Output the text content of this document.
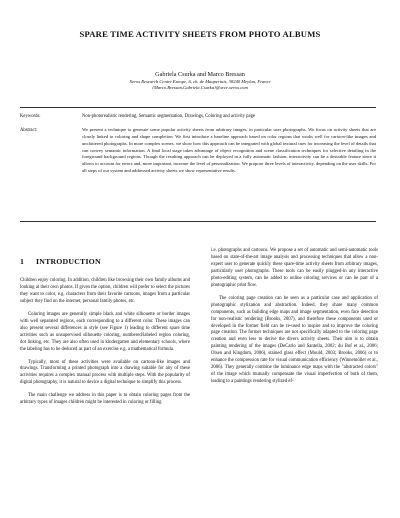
SPARE TIME ACTIVITY SHEETS FROM PHOTO ALBUMS
Gabriela Csurka and Marco Bressan
Xerox Research Centre Europe, 6, ch. de Maupertuis, 38240 Meylan, France
{Marco.Bressan,Gabriela.Csurka}@xrce.xerox.com
Keywords:	Non-photorealistic rendering, Semantic segmentation, Drawings, Coloring and activity page
Abstract:	We present a technique to generate some popular activity sheets from arbitrary images, in particular user photographs. We focus on activity sheets that are closely linked to coloring and shape completion. We first introduce a baseline approach based on color regions that works well for cartoon-like images and uncluttered photographs. In more complex scenes, we show how this approach can be integrated with global textural cues for increasing the level of details that can convey semantic information. A final local stage takes advantage of object recognition and scene classification techniques for selective detailing in the foreground background regions. Though the resulting approach can be deployed in a fully automatic fashion, interactivity can be a desirable feature since it allows to account for errors and, more important, increase the level of personalization. We propose three levels of interactivity, depending on the user skills. For all steps of our system and addressed activity sheets we show representative results.
1 INTRODUCTION

Children enjoy coloring. In addition, children like browsing their own family albums and looking at their own photos. If given the option, children will prefer to select the pictures they want to color, e.g. characters from their favorite cartoons, images from a particular subject they find on the internet, personal family photos, etc.

Coloring images are generally simple black and white silhouette or border images with well separated regions, each corresponding to a different color. These images can also present several differences in style (see Figure 1) leading to different spare time activities such as unsupervised silhouette coloring, numbered/labeled region coloring, dot linking, etc. They are also often used in kindergarten and elementary schools, where the labeling has to be deduced as part of an exercise e.g. a mathematical formula.

Typically, most of these activities were available on cartoon-like images and drawings. Transforming a printed photograph into a drawing suitable for any of these activities requires a complex manual process with multiple steps. With the popularity of digital photography, it is natural to device a digital technique to simplify this process.

The main challenge we address in this paper is to obtain coloring pages from the arbitrary types of images children might be interested in coloring or filling

i.e. photographs and cartoons. We propose a set of automatic and semi-automatic tools based on state-of-the-art image analysis and processing techniques that allow a non-expert user to generate quickly these spare-time activity sheets from arbitrary images, particularly user photographs. These tools can be easily plugged-in any interactive photo-editing system, can be added to online coloring services or can be part of a photographic print flow.

The coloring page creation can be seen as a particular case and application of photographic stylization and abstraction. Indeed, they share many common components, such as building edge maps and image segmentation, even face detection for non-realistic rendering (Brooks, 2007), and therefore these components used or developed in the former field can be re-used to inspire and to improve the coloring page creation. The former techniques are not specifically adapted to the coloring page creation and even less to derive the divers activity sheets. Their aim is to obtain painting rendering of the images (DeCarlo and Santella, 2002; du Buf et al., 2006; Olsen and Kingdom, 2006), stained glass effect (Mould, 2003; Brooks, 2006) or to enhance the compression rate for visual communication efficiency (Winnemöller et al., 2006). They generally combine the luminance edge maps with the "abstracted colors" of the image which mutually compensate the visual imperfection of both of them, leading to a paintings rendering stylized ef-
